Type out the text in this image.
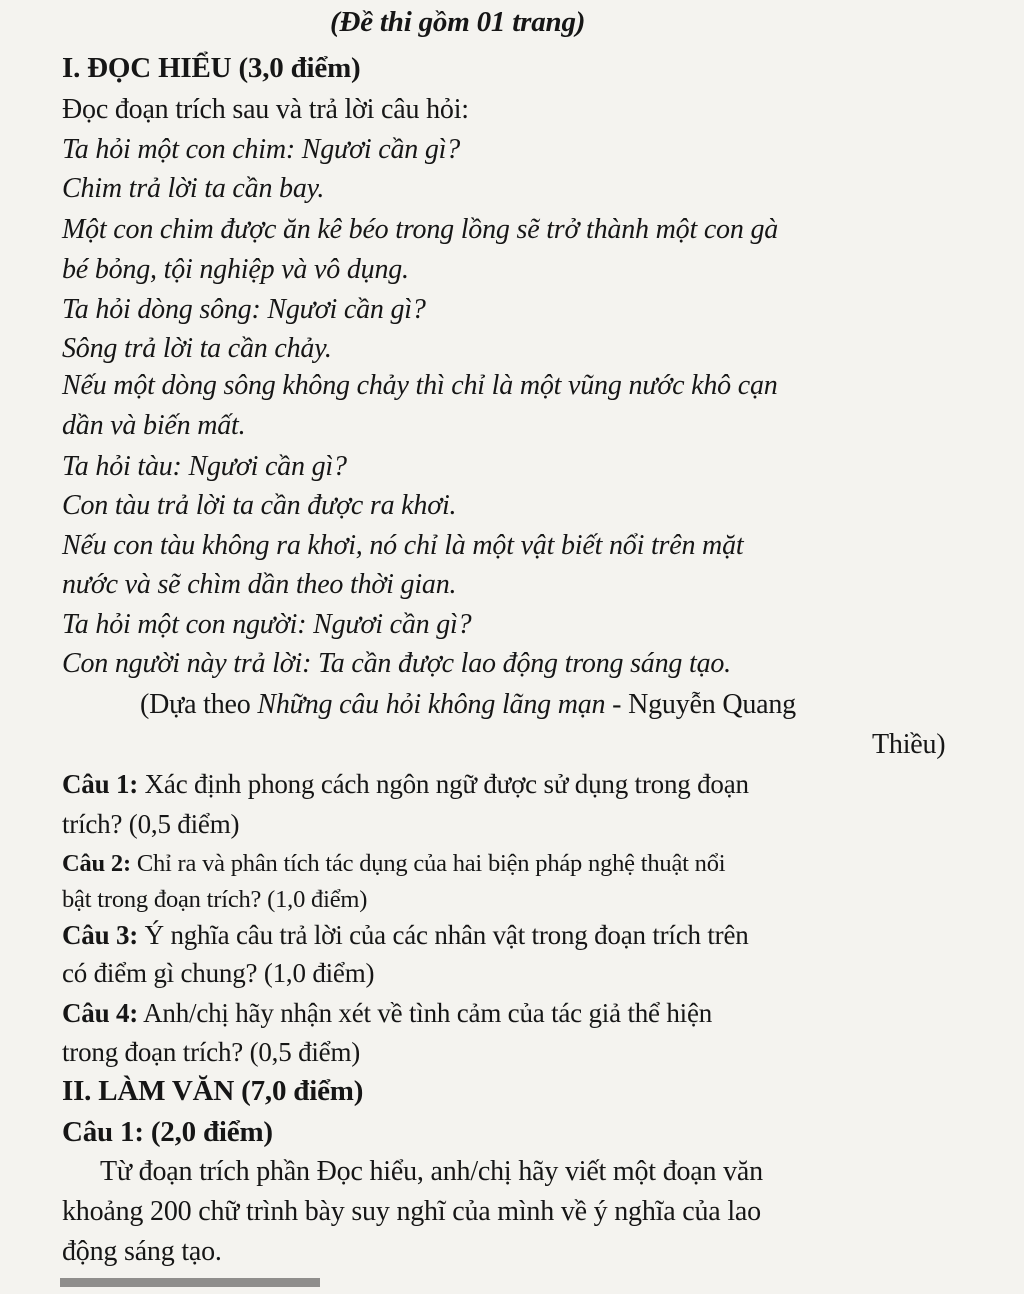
(Đề thi gồm 01 trang)
I. ĐỌC HIỂU (3,0 điểm)
Đọc đoạn trích sau và trả lời câu hỏi:
Ta hỏi một con chim: Ngươi cần gì?
Chim trả lời ta cần bay.
Một con chim được ăn kê béo trong lồng sẽ trở thành một con gà
bé bỏng, tội nghiệp và vô dụng.
Ta hỏi dòng sông: Ngươi cần gì?
Sông trả lời ta cần chảy.
Nếu một dòng sông không chảy thì chỉ là một vũng nước khô cạn
dần và biến mất.
Ta hỏi tàu: Ngươi cần gì?
Con tàu trả lời ta cần được ra khơi.
Nếu con tàu không ra khơi, nó chỉ là một vật biết nổi trên mặt
nước và sẽ chìm dần theo thời gian.
Ta hỏi một con người: Ngươi cần gì?
Con người này trả lời: Ta cần được lao động trong sáng tạo.
(Dựa theo Những câu hỏi không lãng mạn - Nguyễn Quang
Thiều)
Câu 1: Xác định phong cách ngôn ngữ được sử dụng trong đoạn
trích? (0,5 điểm)
Câu 2: Chỉ ra và phân tích tác dụng của hai biện pháp nghệ thuật nổi
bật trong đoạn trích? (1,0 điểm)
Câu 3: Ý nghĩa câu trả lời của các nhân vật trong đoạn trích trên
có điểm gì chung? (1,0 điểm)
Câu 4: Anh/chị hãy nhận xét về tình cảm của tác giả thể hiện
trong đoạn trích? (0,5 điểm)
II. LÀM VĂN (7,0 điểm)
Câu 1: (2,0 điểm)
Từ đoạn trích phần Đọc hiểu, anh/chị hãy viết một đoạn văn
khoảng 200 chữ trình bày suy nghĩ của mình về ý nghĩa của lao
động sáng tạo.
